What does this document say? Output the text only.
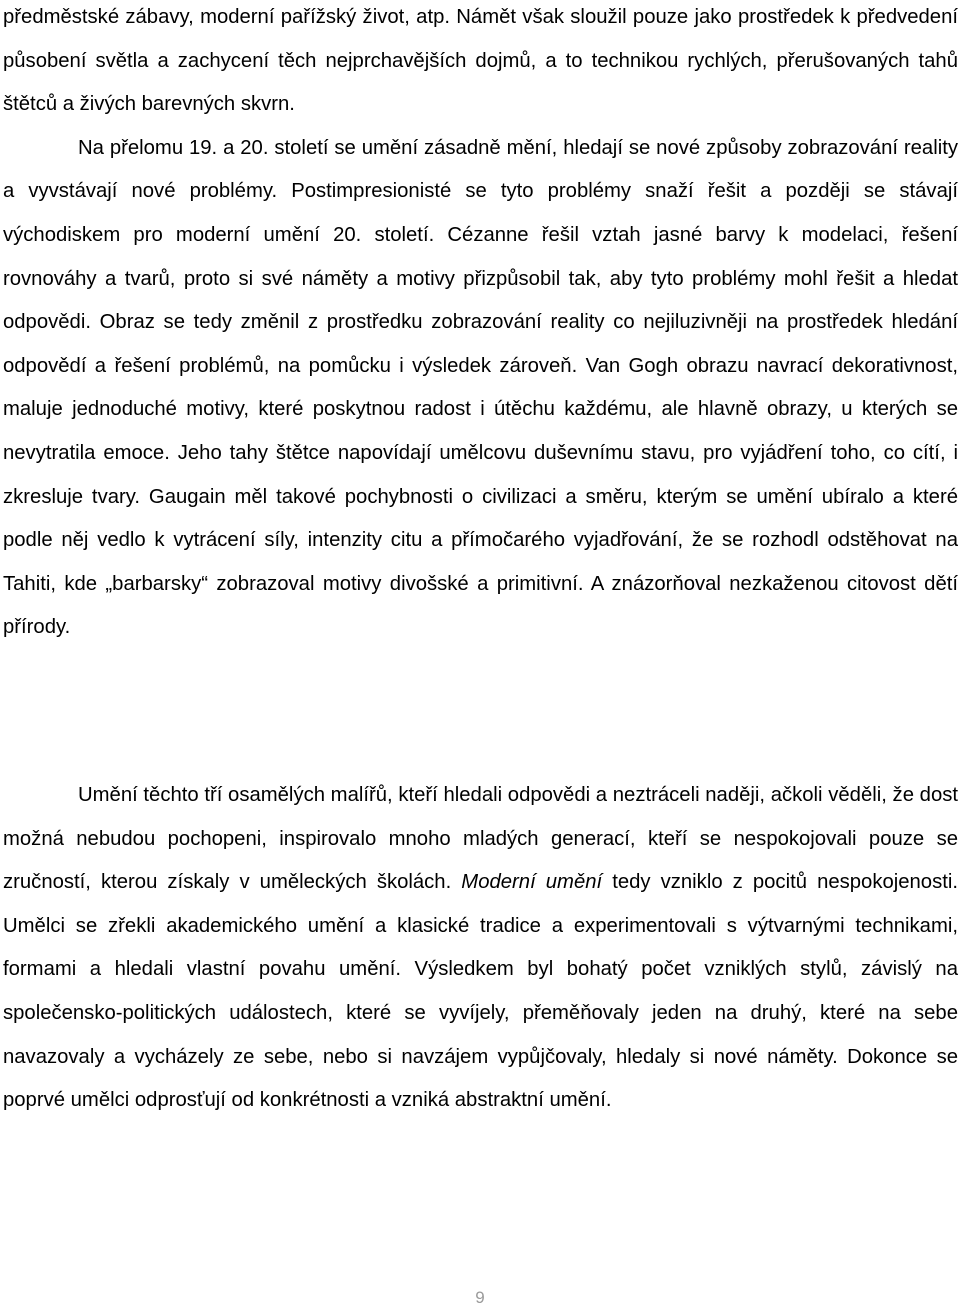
předměstské zábavy, moderní pařížský život, atp. Námět však sloužil pouze jako prostředek k předvedení působení světla a zachycení těch nejprchavějších dojmů, a to technikou rychlých, přerušovaných tahů štětců a živých barevných skvrn.

Na přelomu 19. a 20. století se umění zásadně mění, hledají se nové způsoby zobrazování reality a vyvstávají nové problémy. Postimpresionisté se tyto problémy snaží řešit a později se stávají východiskem pro moderní umění 20. století. Cézanne řešil vztah jasné barvy k modelaci, řešení rovnováhy a tvarů, proto si své náměty a motivy přizpůsobil tak, aby tyto problémy mohl řešit a hledat odpovědi. Obraz se tedy změnil z prostředku zobrazování reality co nejiluzivněji na prostředek hledání odpovědí a řešení problémů, na pomůcku i výsledek zároveň. Van Gogh obrazu navrací dekorativnost, maluje jednoduché motivy, které poskytnou radost i útěchu každému, ale hlavně obrazy, u kterých se nevytratila emoce. Jeho tahy štětce napovídají umělcovu duševnímu stavu, pro vyjádření toho, co cítí, i zkresluje tvary. Gaugain měl takové pochybnosti o civilizaci a směru, kterým se umění ubíralo a které podle něj vedlo k vytrácení síly, intenzity citu a přímočarého vyjadřování, že se rozhodl odstěhovat na Tahiti, kde „barbarsky“ zobrazoval motivy divošské a primitivní. A znázorňoval nezkaženou citovost dětí přírody.

Umění těchto tří osamělých malířů, kteří hledali odpovědi a neztráceli naději, ačkoli věděli, že dost možná nebudou pochopeni, inspirovalo mnoho mladých generací, kteří se nespokojovali pouze se zručností, kterou získaly v uměleckých školách. Moderní umění tedy vzniklo z pocitů nespokojenosti. Umělci se zřekli akademického umění a klasické tradice a experimentovali s výtvarnými technikami, formami a hledali vlastní povahu umění. Výsledkem byl bohatý počet vzniklých stylů, závislý na společensko-politických událostech, které se vyvíjely, přeměňovaly jeden na druhý, které na sebe navazovaly a vycházely ze sebe, nebo si navzájem vypůjčovaly, hledaly si nové náměty. Dokonce se poprvé umělci odprosťují od konkrétnosti a vzniká abstraktní umění.

9
